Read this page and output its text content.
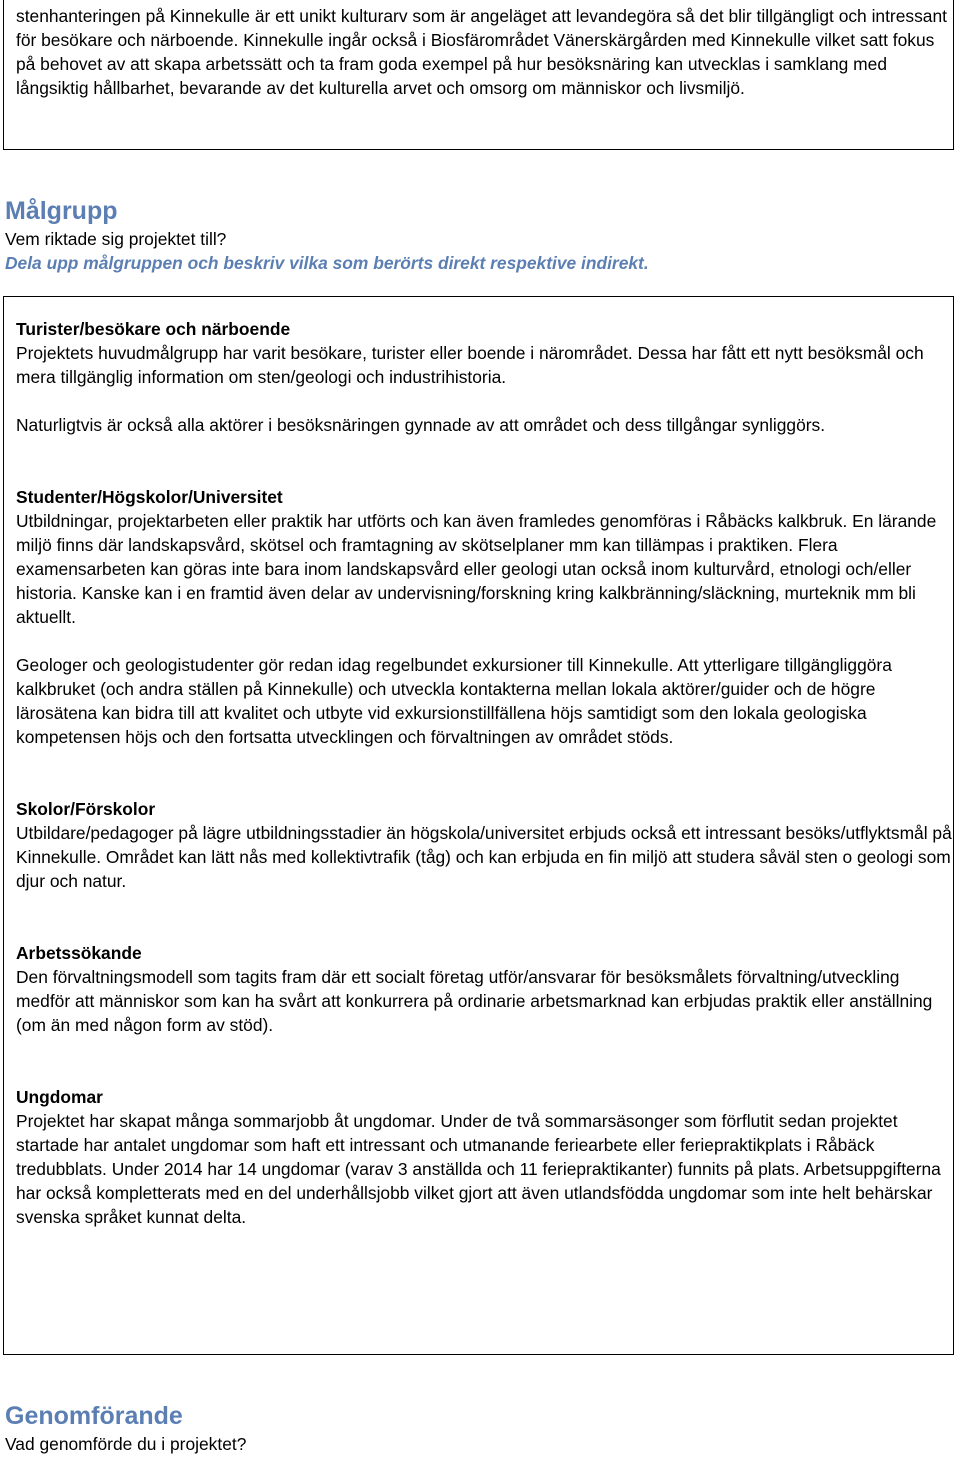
stenhanteringen på Kinnekulle är ett unikt kulturarv som är angeläget att levandegöra så det blir tillgängligt och intressant för besökare och närboende. Kinnekulle ingår också i Biosfärområdet Vänerskärgården med Kinnekulle vilket satt fokus på behovet av att skapa arbetssätt och ta fram goda exempel på hur besöksnäring kan utvecklas i samklang med långsiktig hållbarhet, bevarande av det kulturella arvet och omsorg om människor och livsmiljö.

Målgrupp

Vem riktade sig projektet till?

Dela upp målgruppen och beskriv vilka som berörts direkt respektive indirekt.

Turister/besökare och närboende

Projektets huvudmålgrupp har varit besökare, turister eller boende i närområdet. Dessa har fått ett nytt besöksmål och mera tillgänglig information om sten/geologi och industrihistoria.

Naturligtvis är också alla aktörer i besöksnäringen gynnade av att området och dess tillgångar synliggörs.

Studenter/Högskolor/Universitet

Utbildningar, projektarbeten eller praktik har utförts och kan även framledes genomföras i Råbäcks kalkbruk. En lärande miljö finns där landskapsvård, skötsel och framtagning av skötselplaner mm kan tillämpas i praktiken. Flera examensarbeten kan göras inte bara inom landskapsvård eller geologi utan också inom kulturvård, etnologi och/eller historia. Kanske kan i en framtid även delar av undervisning/forskning kring kalkbränning/släckning, murteknik mm bli aktuellt.

Geologer och geologistudenter gör redan idag regelbundet exkursioner till Kinnekulle. Att ytterligare tillgängliggöra kalkbruket (och andra ställen på Kinnekulle) och utveckla kontakterna mellan lokala aktörer/guider och de högre lärosätena kan bidra till att kvalitet och utbyte vid exkursionstillfällena höjs samtidigt som den lokala geologiska kompetensen höjs och den fortsatta utvecklingen och förvaltningen av området stöds.

Skolor/Förskolor

Utbildare/pedagoger på lägre utbildningsstadier än högskola/universitet erbjuds också ett intressant besöks/utflyktsmål på Kinnekulle. Området kan lätt nås med kollektivtrafik (tåg) och kan erbjuda en fin miljö att studera såväl sten o geologi som djur och natur.

Arbetssökande

Den förvaltningsmodell som tagits fram där ett socialt företag utför/ansvarar för besöksmålets förvaltning/utveckling medför att människor som kan ha svårt att konkurrera på ordinarie arbetsmarknad kan erbjudas praktik eller anställning (om än med någon form av stöd).

Ungdomar

Projektet har skapat många sommarjobb åt ungdomar. Under de två sommarsäsonger som förflutit sedan projektet startade har antalet ungdomar som haft ett intressant och utmanande feriearbete eller feriepraktikplats i Råbäck tredubblats. Under 2014 har 14 ungdomar (varav 3 anställda och 11 feriepraktikanter) funnits på plats. Arbetsuppgifterna har också kompletterats med en del underhållsjobb vilket gjort att även utlandsfödda ungdomar som inte helt behärskar svenska språket kunnat delta.

Genomförande

Vad genomförde du i projektet?
